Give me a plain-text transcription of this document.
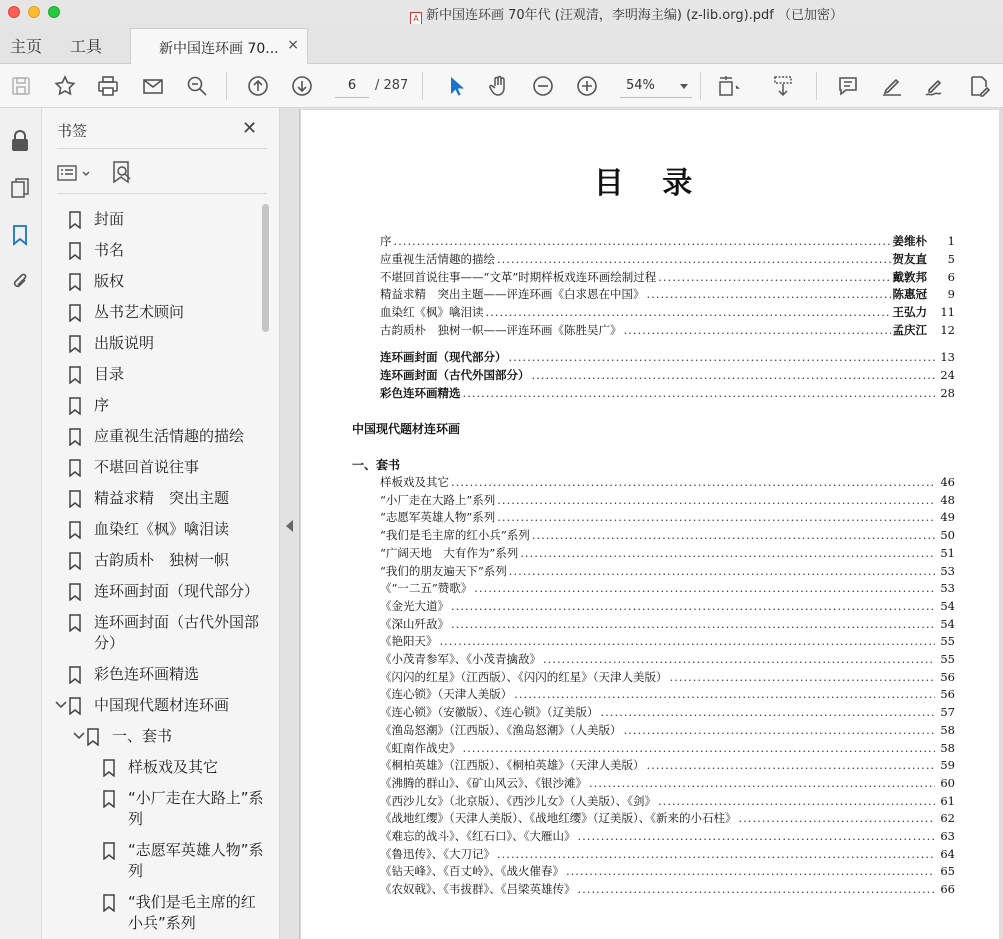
A 新中国连环画 70年代 (汪观清，李明海主编) (z-lib.org).pdf （已加密）
主页 工具	新中国连环画 70... ×
6	/ 287	54%
书签	✕
封面
书名
版权
丛书艺术顾问
出版说明
目录
序
应重视生活情趣的描绘
不堪回首说往事
精益求精　突出主题
血染红《枫》噙泪读
古韵质朴　独树一帜
连环画封面（现代部分）
连环画封面（古代外国部分）
彩色连环画精选
中国现代题材连环画
一、套书
样板戏及其它
“小厂走在大路上”系列
“志愿军英雄人物”系列
“我们是毛主席的红小兵”系列
目 录
序 .....	姜维朴	1
应重视生活情趣的描绘 .....	贺友直	5
不堪回首说往事——“文革”时期样板戏连环画绘制过程 .....	戴敦邦	6
精益求精　突出主题——评连环画《白求恩在中国》 .....	陈惠冠	9
血染红《枫》噙泪读 .....	王弘力 11
古韵质朴　独树一帜——评连环画《陈胜吴广》 .....	孟庆江 12
连环画封面（现代部分） .....	13
连环画封面（古代外国部分） .....	24
彩色连环画精选 .....	28
中国现代题材连环画
一、套书
样板戏及其它 .....	46
“小厂走在大路上”系列 .....	48
“志愿军英雄人物”系列 .....	49
“我们是毛主席的红小兵”系列 .....	50
“广阔天地　大有作为”系列 .....	51
“我们的朋友遍天下”系列 .....	53
《“一二五”赞歌》 .....	53
《金光大道》 .....	54
《深山歼敌》 .....	54
《艳阳天》 .....	55
《小茂青参军》、《小茂青擒敌》 .....	55
《闪闪的红星》（江西版）、《闪闪的红星》（天津人美版） .....	56
《连心锁》（天津人美版） .....	56
《连心锁》（安徽版）、《连心锁》（辽美版） .....	57
《渔岛怒潮》（江西版）、《渔岛怒潮》（人美版） .....	58
《虹南作战史》 .....	58
《桐柏英雄》（江西版）、《桐柏英雄》（天津人美版） .....	59
《沸腾的群山》、《矿山风云》、《银沙滩》 .....	60
《西沙儿女》（北京版）、《西沙儿女》（人美版）、《剑》 .....	61
《战地红缨》（天津人美版）、《战地红缨》（辽美版）、《新来的小石柱》 .....	62
《难忘的战斗》、《红石口》、《大雁山》 .....	63
《鲁迅传》、《大刀记》 .....	64
《钻天峰》、《百丈岭》、《战火催春》 .....	65
《农奴戟》、《韦拔群》、《吕梁英雄传》 .....	66
